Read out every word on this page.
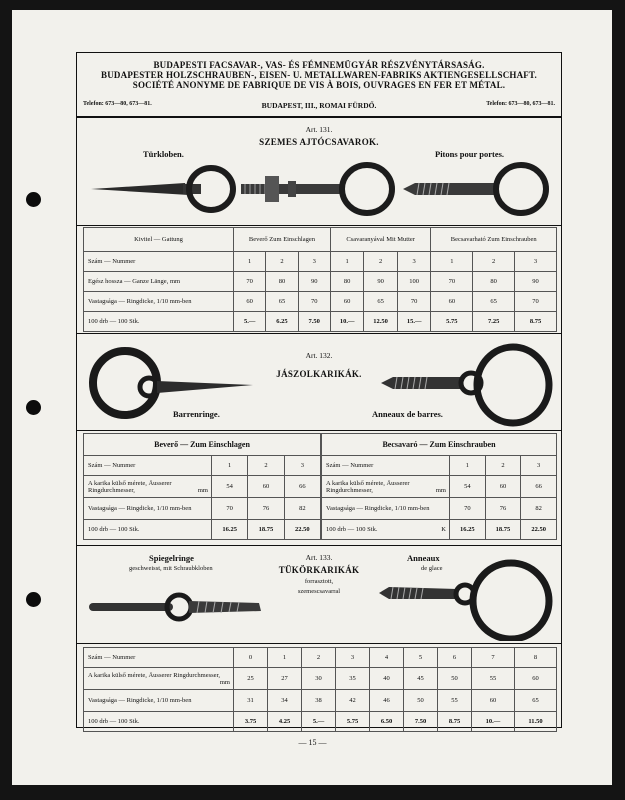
BUDAPESTI FACSAVAR-, VAS- ÉS FÉMNEMÜGYÁR RÉSZVÉNYTÁRSASÁG.
BUDAPESTER HOLZSCHRAUBEN-, EISEN- U. METALLWAREN-FABRIKS AKTIENGESELLSCHAFT.
SOCIÉTÉ ANONYME DE FABRIQUE DE VIS À BOIS, OUVRAGES EN FER ET MÉTAL.
Telefon: 673—80, 673—81.	BUDAPEST, III., ROMAI FÜRDŐ.	Telefon: 673—80, 673—81.
Art. 131.
SZEMES AJTÓCSAVAROK.
Türkloben.	Pitons pour portes.
Kivitel — Gattung	Beverő Zum Einschlagen			Csavaranyával Mit Mutter			Becsavarható Zum Einschrauben		
Szám — Nummer	1	2	3	1	2	3	1	2	3
Egész hossza — Ganze Länge, mm	70	80	90	80	90	100	70	80	90
Vastagsága — Ringdicke, 1/10 mm-ben	60	65	70	60	65	70	60	65	70
100 drb — 100 Stk.	5.—	6.25	7.50	10.—	12.50	15.—	5.75	7.25	8.75
Art. 132.
JÁSZOLKARIKÁK.
Barrenringe.	Anneaux de barres.
Beverő — Zum Einschlagen			
Szám — Nummer	1	2	3
A karika külső mérete, Äusserer Ringdurchmesser, mm	54	60	66
Vastagsága — Ringdicke, 1/10 mm-ben	70	76	82
100 drb — 100 Stk.	16.25	18.75	22.50
Becsavaró — Zum Einschrauben			
Szám — Nummer	1	2	3
A karika külső mérete, Äusserer Ringdurchmesser, mm	54	60	66
Vastagsága — Ringdicke, 1/10 mm-ben	70	76	82
100 drb — 100 Stk. K	16.25	18.75	22.50
Spiegelringe
geschweisst, mit Schraubkloben
Art. 133.
TÜKÖRKARIKÁK
forrasztott,
szemescsavarral
Anneaux
de glace
Szám — Nummer	0	1	2	3	4	5	6	7	8
A karika külső mérete, Äusserer Ringdurchmesser,
mm	25	27	30	35	40	45	50	55	60
Vastagsága — Ringdicke, 1/10 mm-ben	31	34	38	42	46	50	55	60	65
100 drb — 100 Stk.	3.75	4.25	5.—	5.75	6.50	7.50	8.75	10.—	11.50
— 15 —
